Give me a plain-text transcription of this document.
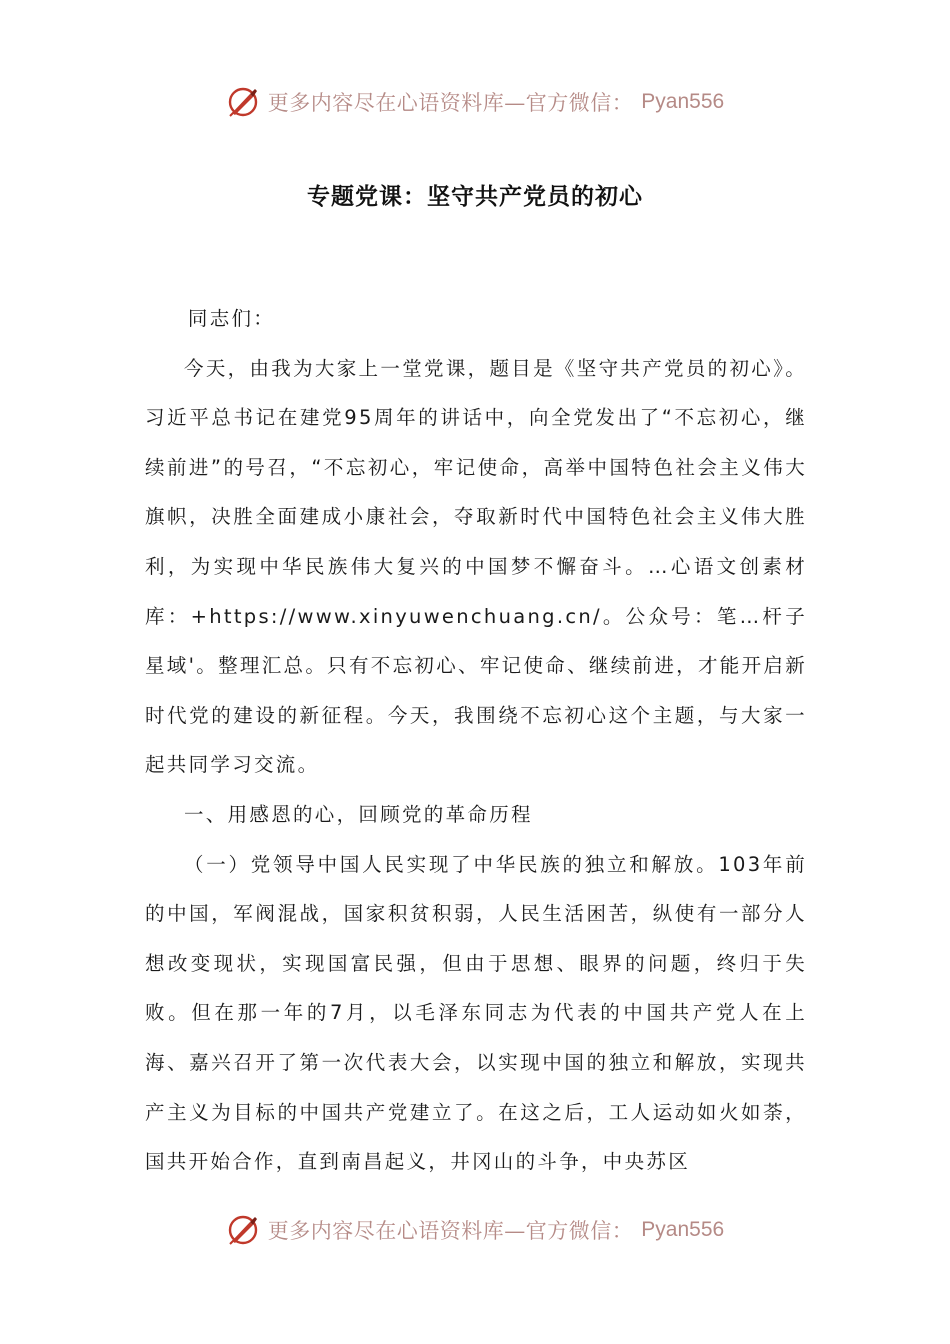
更多内容尽在心语资料库—官方微信： Pyan556
专题党课：坚守共产党员的初心

同志们：

今天，由我为大家上一堂党课，题目是《坚守共产党员的初心》。习近平总书记在建党95周年的讲话中，向全党发出了“不忘初心，继续前进”的号召，“不忘初心，牢记使命，高举中国特色社会主义伟大旗帜，决胜全面建成小康社会，夺取新时代中国特色社会主义伟大胜利，为实现中华民族伟大复兴的中国梦不懈奋斗。…心语文创素材库：+https://www.xinyuwenchuang.cn/。公众号：笔…杆子星域'。整理汇总。只有不忘初心、牢记使命、继续前进，才能开启新时代党的建设的新征程。今天，我围绕不忘初心这个主题，与大家一起共同学习交流。

一、用感恩的心，回顾党的革命历程

（一）党领导中国人民实现了中华民族的独立和解放。103年前的中国，军阀混战，国家积贫积弱，人民生活困苦，纵使有一部分人想改变现状，实现国富民强，但由于思想、眼界的问题，终归于失败。但在那一年的7月，以毛泽东同志为代表的中国共产党人在上海、嘉兴召开了第一次代表大会，以实现中国的独立和解放，实现共产主义为目标的中国共产党建立了。在这之后，工人运动如火如荼，国共开始合作，直到南昌起义，井冈山的斗争，中央苏区

更多内容尽在心语资料库—官方微信： Pyan556
